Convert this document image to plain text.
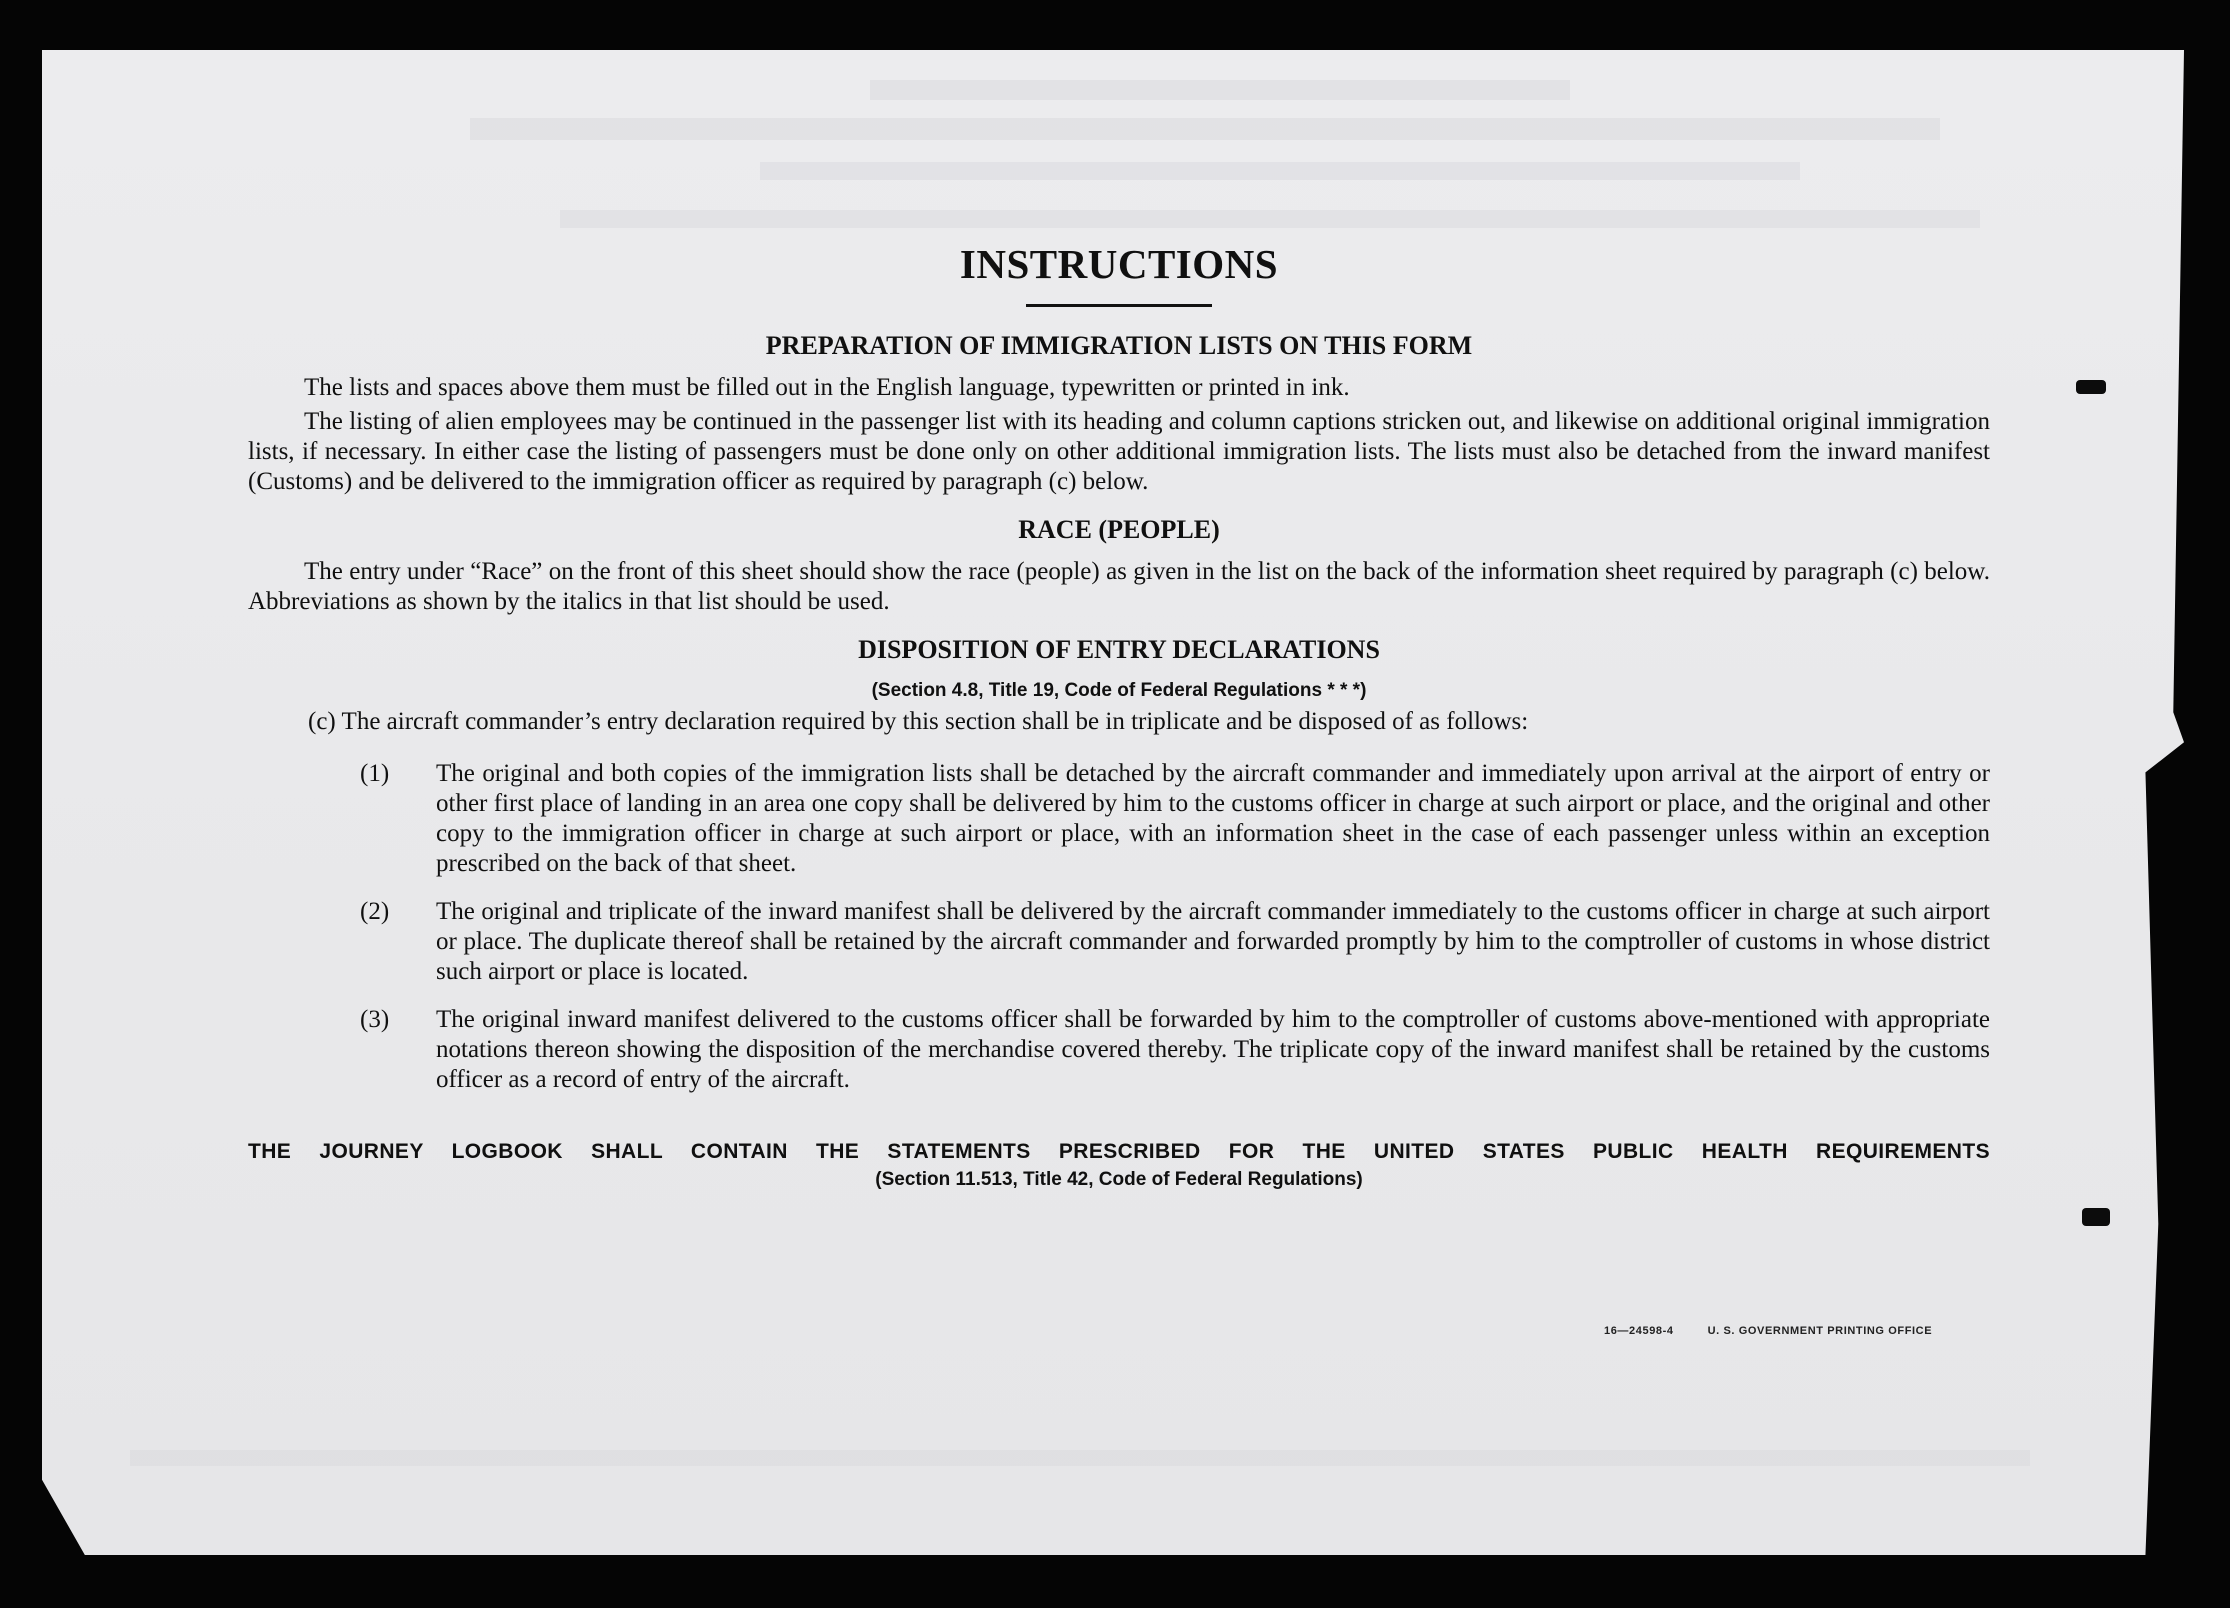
INSTRUCTIONS
PREPARATION OF IMMIGRATION LISTS ON THIS FORM

The lists and spaces above them must be filled out in the English language, typewritten or printed in ink.

The listing of alien employees may be continued in the passenger list with its heading and column captions stricken out, and likewise on additional original immigration lists, if necessary. In either case the listing of passengers must be done only on other additional immigration lists. The lists must also be detached from the inward manifest (Customs) and be delivered to the immigration officer as required by paragraph (c) below.

RACE (PEOPLE)

The entry under “Race” on the front of this sheet should show the race (people) as given in the list on the back of the information sheet required by paragraph (c) below. Abbreviations as shown by the italics in that list should be used.

DISPOSITION OF ENTRY DECLARATIONS
(Section 4.8, Title 19, Code of Federal Regulations * * *)
(c) The aircraft commander’s entry declaration required by this section shall be in triplicate and be disposed of as follows:
(1) The original and both copies of the immigration lists shall be detached by the aircraft commander and immediately upon arrival at the airport of entry or other first place of landing in an area one copy shall be delivered by him to the customs officer in charge at such airport or place, and the original and other copy to the immigration officer in charge at such airport or place, with an information sheet in the case of each passenger unless within an exception prescribed on the back of that sheet.
(2) The original and triplicate of the inward manifest shall be delivered by the aircraft commander immediately to the customs officer in charge at such airport or place. The duplicate thereof shall be retained by the aircraft commander and forwarded promptly by him to the comptroller of customs in whose district such airport or place is located.
(3) The original inward manifest delivered to the customs officer shall be forwarded by him to the comptroller of customs above-mentioned with appropriate notations thereon showing the disposition of the merchandise covered thereby. The triplicate copy of the inward manifest shall be retained by the customs officer as a record of entry of the aircraft.
THE JOURNEY LOGBOOK SHALL CONTAIN THE STATEMENTS PRESCRIBED FOR THE UNITED STATES PUBLIC HEALTH REQUIREMENTS
(Section 11.513, Title 42, Code of Federal Regulations)
16—24598-4	U. S. GOVERNMENT PRINTING OFFICE
